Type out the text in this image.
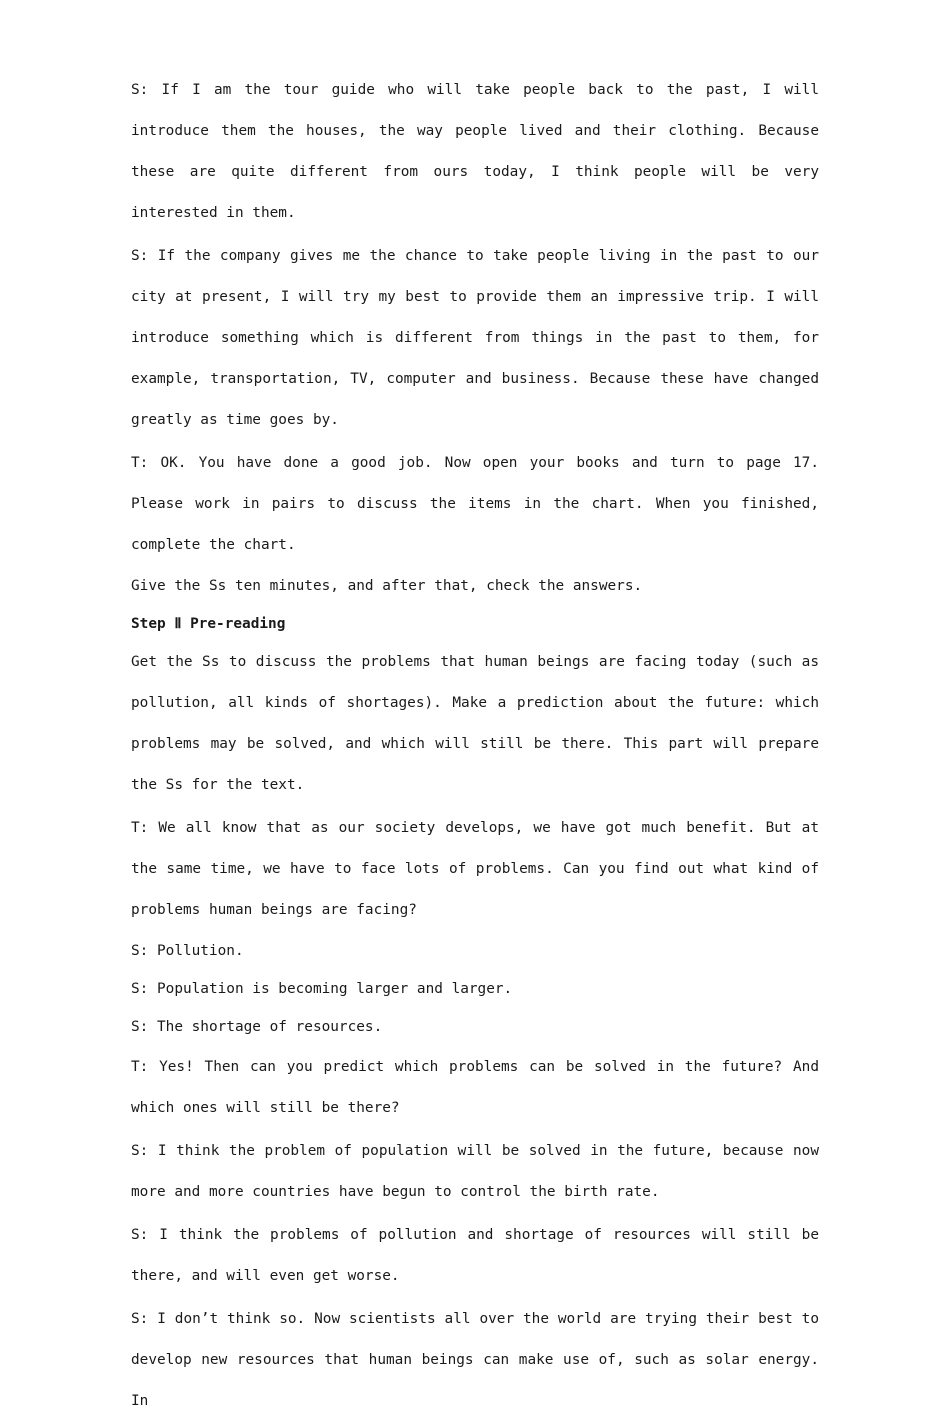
S: If I am the tour guide who will take people back to the past, I will introduce them the houses, the way people lived and their clothing. Because these are quite different from ours today, I think people will be very interested in them.

S: If the company gives me the chance to take people living in the past to our city at present, I will try my best to provide them an impressive trip. I will introduce something which is different from things in the past to them, for example, transportation, TV, computer and business. Because these have changed greatly as time goes by.

T: OK. You have done a good job. Now open your books and turn to page 17. Please work in pairs to discuss the items in the chart. When you finished, complete the chart.

Give the Ss ten minutes, and after that, check the answers.

Step Ⅱ Pre-reading

Get the Ss to discuss the problems that human beings are facing today (such as pollution, all kinds of shortages). Make a prediction about the future: which problems may be solved, and which will still be there. This part will prepare the Ss for the text.

T: We all know that as our society develops, we have got much benefit. But at the same time, we have to face lots of problems. Can you find out what kind of problems human beings are facing?

S: Pollution.

S: Population is becoming larger and larger.

S: The shortage of resources.

T: Yes! Then can you predict which problems can be solved in the future? And which ones will still be there?

S: I think the problem of population will be solved in the future, because now more and more countries have begun to control the birth rate.

S: I think the problems of pollution and shortage of resources will still be there, and will even get worse.

S: I don’t think so. Now scientists all over the world are trying their best to develop new resources that human beings can make use of, such as solar energy. In
